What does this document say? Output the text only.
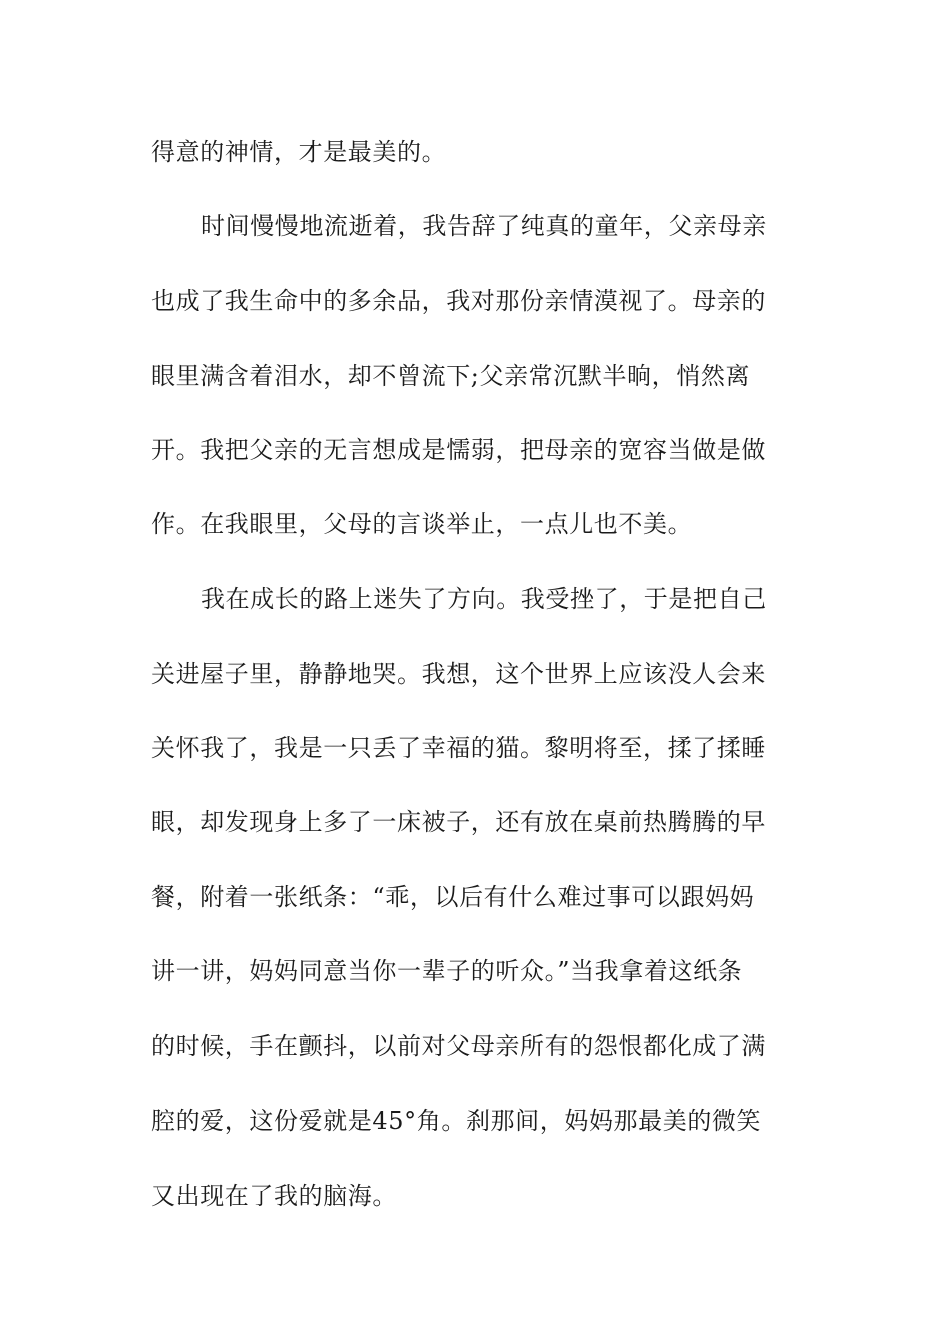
得意的神情，才是最美的。
时间慢慢地流逝着，我告辞了纯真的童年，父亲母亲
也成了我生命中的多余品，我对那份亲情漠视了。母亲的
眼里满含着泪水，却不曾流下;父亲常沉默半晌，悄然离
开。我把父亲的无言想成是懦弱，把母亲的宽容当做是做
作。在我眼里，父母的言谈举止，一点儿也不美。
我在成长的路上迷失了方向。我受挫了，于是把自己
关进屋子里，静静地哭。我想，这个世界上应该没人会来
关怀我了，我是一只丢了幸福的猫。黎明将至，揉了揉睡
眼，却发现身上多了一床被子，还有放在桌前热腾腾的早
餐，附着一张纸条：“乖，以后有什么难过事可以跟妈妈
讲一讲，妈妈同意当你一辈子的听众。”当我拿着这纸条
的时候，手在颤抖，以前对父母亲所有的怨恨都化成了满
腔的爱，这份爱就是45°角。刹那间，妈妈那最美的微笑
又出现在了我的脑海。
